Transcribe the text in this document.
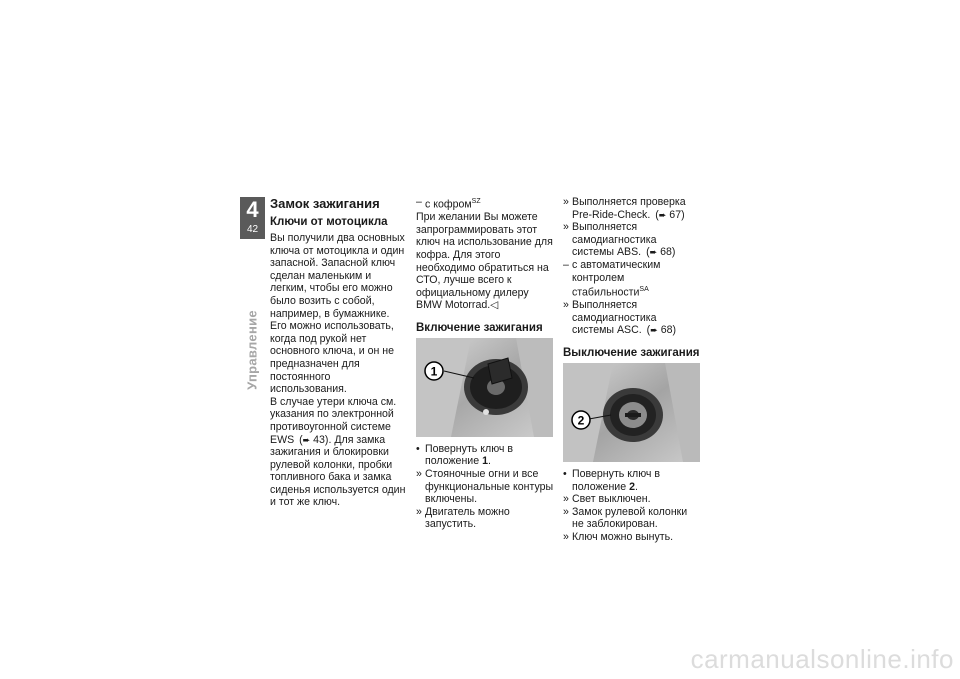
4
42
Управление
Замок зажигания
Ключи от мотоцикла

Вы получили два основных ключа от мотоцикла и один запасной. Запасной ключ сделан маленьким и легким, чтобы его можно было возить с собой, например, в бумажнике. Его можно использовать, когда под рукой нет основного ключа, и он не предназначен для постоянного использования.

В случае утери ключа см. указания по электронной противоугонной системе EWS (➨ 43). Для замка зажигания и блокировки рулевой колонки, пробки топливного бака и замка сиденья используется один и тот же ключ.

– с кофром$^{SZ}$

При желании Вы можете запрограммировать этот ключ на использование для кофра. Для этого необходимо обратиться на СТО, лучше всего к официальному дилеру BMW Motorrad.◁

Включение зажигания
1
• Повернуть ключ в положение 1.
» Стояночные огни и все функциональные контуры включены.
» Двигатель можно запустить.
» Выполняется проверка Pre-Ride-Check. (➨ 67)
» Выполняется самодиагностика системы ABS. (➨ 68)
– с автоматическим контролем стабильности$^{SA}$
» Выполняется самодиагностика системы ASC. (➨ 68)
Выключение зажигания
2
• Повернуть ключ в положение 2.
» Свет выключен.
» Замок рулевой колонки не заблокирован.
» Ключ можно вынуть.
carmanualsonline.info
